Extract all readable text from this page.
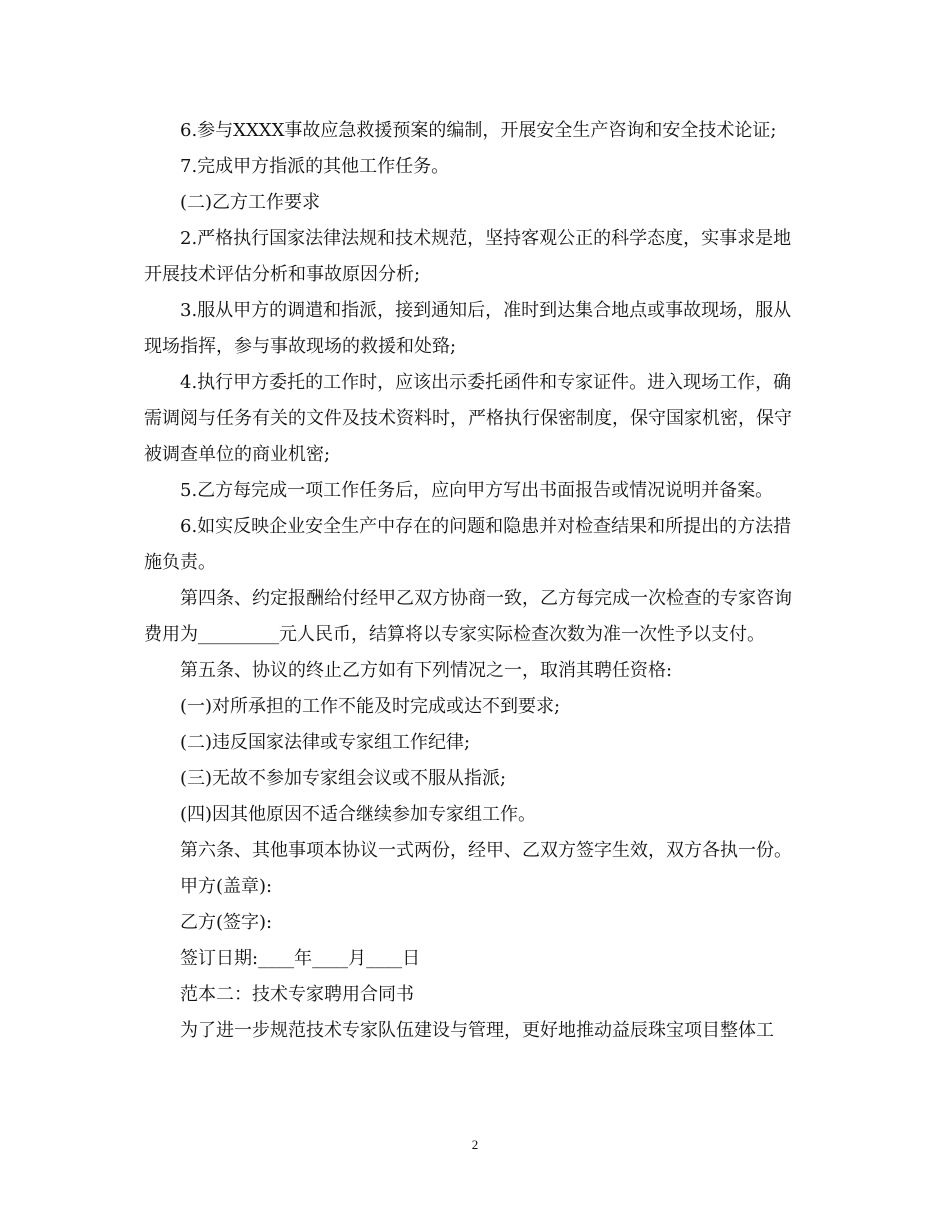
6.参与XXXX事故应急救援预案的编制，开展安全生产咨询和安全技术论证;

7.完成甲方指派的其他工作任务。

(二)乙方工作要求

2.严格执行国家法律法规和技术规范，坚持客观公正的科学态度，实事求是地开展技术评估分析和事故原因分析;

3.服从甲方的调遣和指派，接到通知后，准时到达集合地点或事故现场，服从现场指挥，参与事故现场的救援和处臵;

4.执行甲方委托的工作时，应该出示委托函件和专家证件。进入现场工作，确需调阅与任务有关的文件及技术资料时，严格执行保密制度，保守国家机密，保守被调查单位的商业机密;

5.乙方每完成一项工作任务后，应向甲方写出书面报告或情况说明并备案。

6.如实反映企业安全生产中存在的问题和隐患并对检查结果和所提出的方法措施负责。

第四条、约定报酬给付经甲乙双方协商一致，乙方每完成一次检查的专家咨询费用为_________元人民币，结算将以专家实际检查次数为准一次性予以支付。

第五条、协议的终止乙方如有下列情况之一，取消其聘任资格:

(一)对所承担的工作不能及时完成或达不到要求;

(二)违反国家法律或专家组工作纪律;

(三)无故不参加专家组会议或不服从指派;

(四)因其他原因不适合继续参加专家组工作。

第六条、其他事项本协议一式两份，经甲、乙双方签字生效，双方各执一份。

甲方(盖章):

乙方(签字):

签订日期:____年____月____日

范本二：技术专家聘用合同书

为了进一步规范技术专家队伍建设与管理，更好地推动益辰珠宝项目整体工

2
